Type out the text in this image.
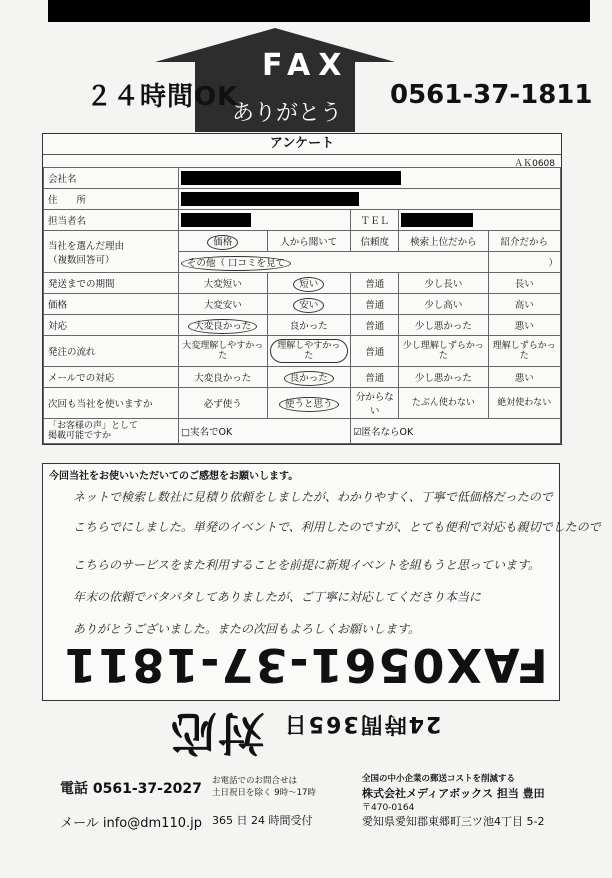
FAX
ありがとう
２４時間OK	0561-37-1811
アンケート
ＡＫ0608
会社名					
住　　所					
担当者名			ＴＥＬ		
当社を選んだ理由
（複数回答可）	価格	人から聞いて	信頼度	検索上位だから	紹介だから
	その他（ 口コミを見て				）
発送までの期間	大変短い	短い	普通	少し長い	長い
価格	大変安い	安い	普通	少し高い	高い
対応	大変良かった	良かった	普通	少し悪かった	悪い
発注の流れ	大変理解しやすかった	理解しやすかった	普通	少し理解しずらかった	理解しずらかった
メールでの対応	大変良かった	良かった	普通	少し悪かった	悪い
次回も当社を使いますか	必ず使う	使うと思う	分からない	たぶん使わない	絶対使わない
「お客様の声」として
掲載可能ですか	□実名でOK		☑匿名ならOK		
今回当社をお使いいただいてのご感想をお願いします。
ネットで検索し数社に見積り依頼をしましたが、わかりやすく、丁寧で低価格だったので
こちらでにしました。単発のイベントで、利用したのですが、とても便利で対応も親切でしたので
こちらのサービスをまた利用することを前提に新規イベントを組もうと思っています。
年末の依頼でバタバタしてありましたが、ご丁寧に対応してくださり本当に
ありがとうございました。またの次回もよろしくお願いします。
24時間365日 対応 FAX0561-37-1811
電話 0561-37-2027 お電話でのお問合せは
土日祝日を除く 9時～17時
メール info@dm110.jp 365 日 24 時間受付
全国の中小企業の郵送コストを削減する
株式会社メディアボックス 担当 豊田
〒470-0164
愛知県愛知郡東郷町三ツ池4丁目 5-2
